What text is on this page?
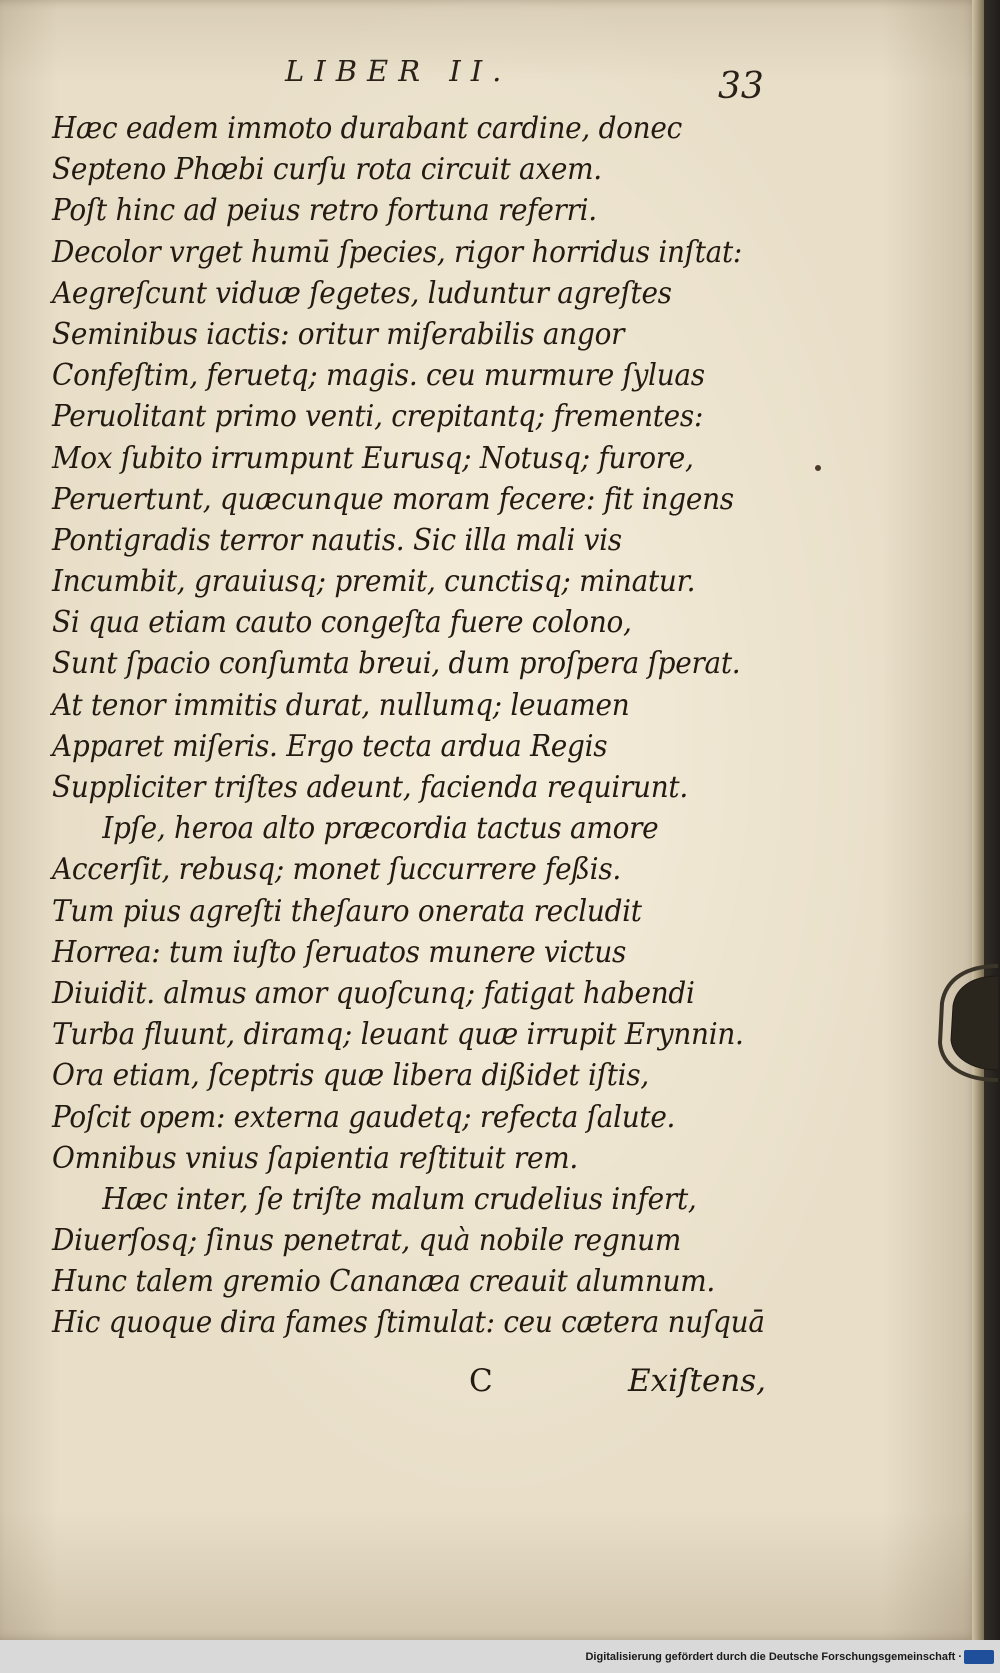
LIBER II.	33
Hæc eadem immoto durabant cardine, donec
Septeno Phœbi curſu rota circuit axem.
Poſt hinc ad peius retro fortuna referri.
Decolor vrget humū ſpecies, rigor horridus inſtat:
Aegreſcunt viduæ ſegetes, luduntur agreſtes
Seminibus iactis: oritur miſerabilis angor
Confeſtim, feruetq; magis. ceu murmure ſyluas
Peruolitant primo venti, crepitantq; frementes:
Mox ſubito irrumpunt Eurusq; Notusq; furore,
Peruertunt, quæcunque moram fecere: fit ingens
Pontigradis terror nautis. Sic illa mali vis
Incumbit, grauiusq; premit, cunctisq; minatur.
Si qua etiam cauto congeſta fuere colono,
Sunt ſpacio conſumta breui, dum proſpera ſperat.
At tenor immitis durat, nullumq; leuamen
Apparet miſeris. Ergo tecta ardua Regis
Suppliciter triſtes adeunt, facienda requirunt.
Ipſe, heroa alto præcordia tactus amore
Accerſit, rebusq; monet ſuccurrere feßis.
Tum pius agreſti theſauro onerata recludit
Horrea: tum iuſto ſeruatos munere victus
Diuidit. almus amor quoſcunq; fatigat habendi
Turba fluunt, diramq; leuant quæ irrupit Erynnin.
Ora etiam, ſceptris quæ libera dißidet iſtis,
Poſcit opem: externa gaudetq; refecta ſalute.
Omnibus vnius ſapientia reſtituit rem.
Hæc inter, ſe triſte malum crudelius infert,
Diuerſosq; ſinus penetrat, quà nobile regnum
Hunc talem gremio Cananæa creauit alumnum.
Hic quoque dira fames ſtimulat: ceu cætera nuſquā
C	Exiſtens,
Digitalisierung gefördert durch die Deutsche Forschungsgemeinschaft ·
